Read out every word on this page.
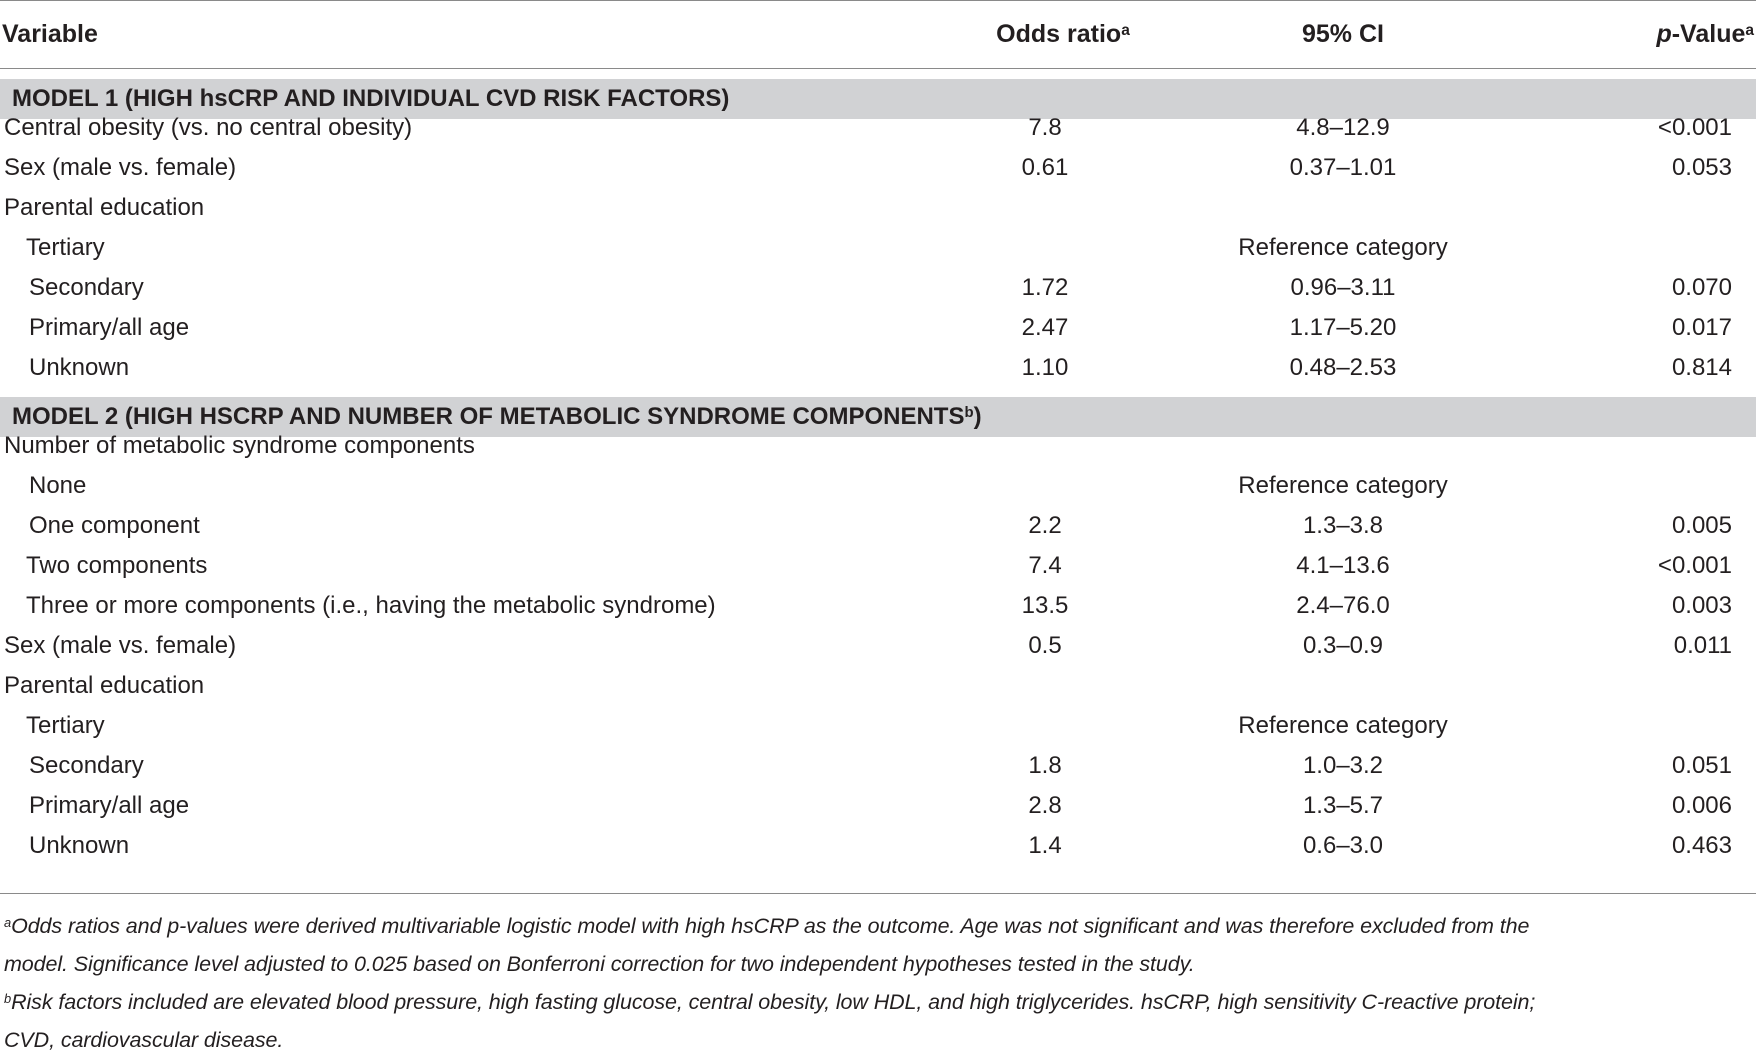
Variable	Odds ratio$^a$	95% CI	p-Value$^a$
MODEL 1 (HIGH hsCRP AND INDIVIDUAL CVD RISK FACTORS)
Central obesity (vs. no central obesity)	7.8	4.8–12.9	<0.001
Sex (male vs. female)	0.61	0.37–1.01	0.053
Parental education
Tertiary	Reference category
Secondary	1.72	0.96–3.11	0.070
Primary/all age	2.47	1.17–5.20	0.017
Unknown	1.10	0.48–2.53	0.814
MODEL 2 (HIGH HSCRP AND NUMBER OF METABOLIC SYNDROME COMPONENTS$^b$)
Number of metabolic syndrome components
None	Reference category
One component	2.2	1.3–3.8	0.005
Two components	7.4	4.1–13.6	<0.001
Three or more components (i.e., having the metabolic syndrome)	13.5	2.4–76.0	0.003
Sex (male vs. female)	0.5	0.3–0.9	0.011
Parental education
Tertiary	Reference category
Secondary	1.8	1.0–3.2	0.051
Primary/all age	2.8	1.3–5.7	0.006
Unknown	1.4	0.6–3.0	0.463
$^a$Odds ratios and p-values were derived multivariable logistic model with high hsCRP as the outcome. Age was not significant and was therefore excluded from the
model. Significance level adjusted to 0.025 based on Bonferroni correction for two independent hypotheses tested in the study.
$^b$Risk factors included are elevated blood pressure, high fasting glucose, central obesity, low HDL, and high triglycerides. hsCRP, high sensitivity C-reactive protein;
CVD, cardiovascular disease.
